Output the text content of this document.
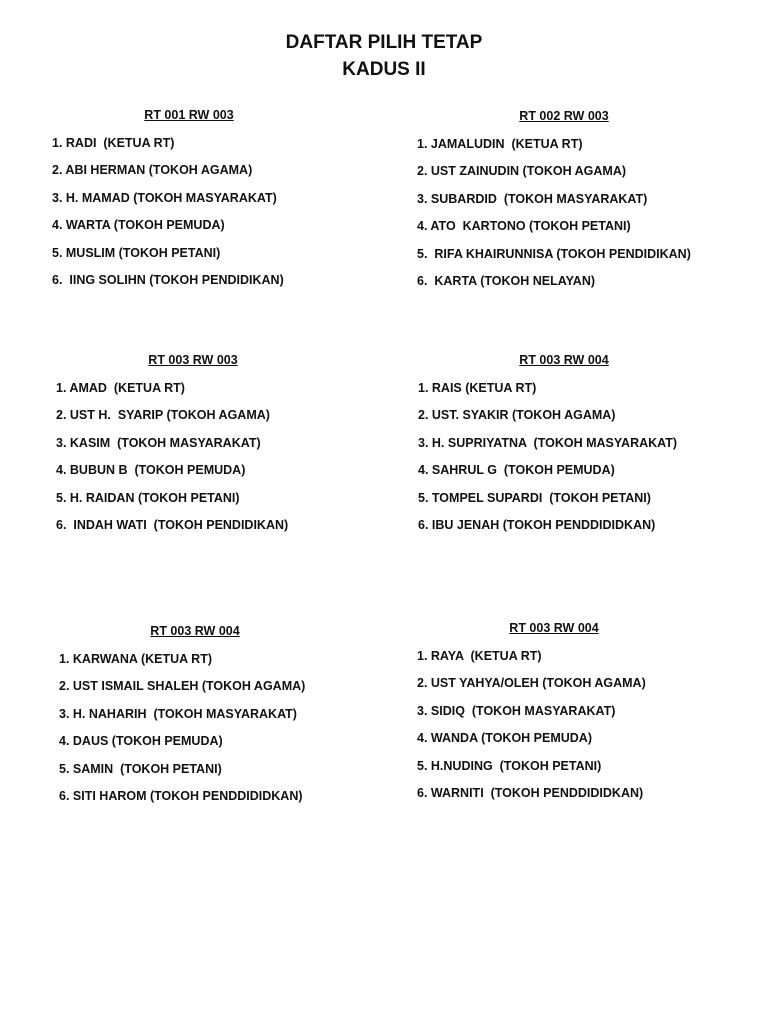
DAFTAR PILIH TETAP
KADUS II
RT 001 RW 003
1. RADI  (KETUA RT)
2. ABI HERMAN (TOKOH AGAMA)
3. H. MAMAD (TOKOH MASYARAKAT)
4. WARTA (TOKOH PEMUDA)
5. MUSLIM (TOKOH PETANI)
6.  IING SOLIHN (TOKOH PENDIDIKAN)
RT 002 RW 003
1. JAMALUDIN  (KETUA RT)
2. UST ZAINUDIN (TOKOH AGAMA)
3. SUBARDID  (TOKOH MASYARAKAT)
4. ATO  KARTONO (TOKOH PETANI)
5.  RIFA KHAIRUNNISA (TOKOH PENDIDIKAN)
6.  KARTA (TOKOH NELAYAN)
RT 003 RW 003
1. AMAD  (KETUA RT)
2. UST H.  SYARIP (TOKOH AGAMA)
3. KASIM  (TOKOH MASYARAKAT)
4. BUBUN B  (TOKOH PEMUDA)
5. H. RAIDAN (TOKOH PETANI)
6.  INDAH WATI  (TOKOH PENDIDIKAN)
RT 003 RW 004
1. RAIS (KETUA RT)
2. UST. SYAKIR (TOKOH AGAMA)
3. H. SUPRIYATNA  (TOKOH MASYARAKAT)
4. SAHRUL G  (TOKOH PEMUDA)
5. TOMPEL SUPARDI  (TOKOH PETANI)
6. IBU JENAH (TOKOH PENDDIDIDKAN)
RT 003 RW 004
1. KARWANA (KETUA RT)
2. UST ISMAIL SHALEH (TOKOH AGAMA)
3. H. NAHARIH  (TOKOH MASYARAKAT)
4. DAUS (TOKOH PEMUDA)
5. SAMIN  (TOKOH PETANI)
6. SITI HAROM (TOKOH PENDDIDIDKAN)
RT 003 RW 004
1. RAYA  (KETUA RT)
2. UST YAHYA/OLEH (TOKOH AGAMA)
3. SIDIQ  (TOKOH MASYARAKAT)
4. WANDA (TOKOH PEMUDA)
5. H.NUDING  (TOKOH PETANI)
6. WARNITI  (TOKOH PENDDIDIDKAN)
